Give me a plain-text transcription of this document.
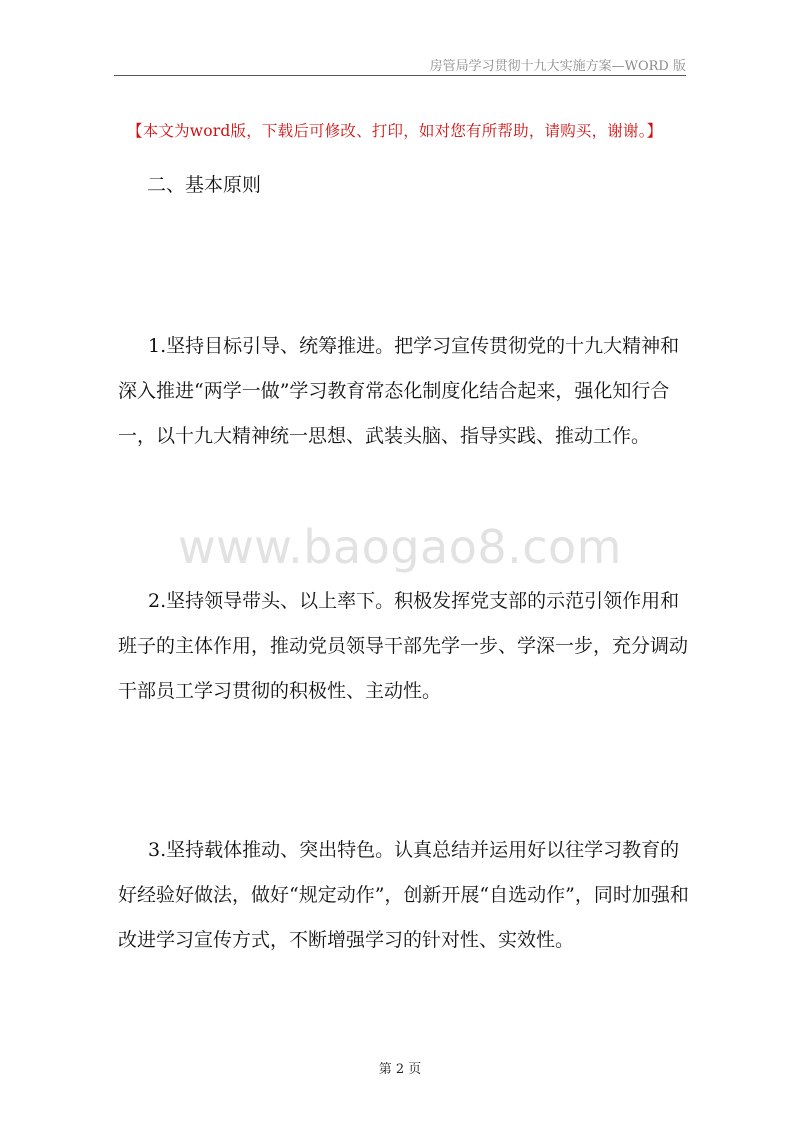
房管局学习贯彻十九大实施方案—WORD 版
【本文为word版，下载后可修改、打印，如对您有所帮助，请购买，谢谢。】
二、基本原则
1.坚持目标引导、统筹推进。把学习宣传贯彻党的十九大精神和
深入推进“两学一做”学习教育常态化制度化结合起来，强化知行合
一，以十九大精神统一思想、武装头脑、指导实践、推动工作。
www.baogao8.com
2.坚持领导带头、以上率下。积极发挥党支部的示范引领作用和
班子的主体作用，推动党员领导干部先学一步、学深一步，充分调动
干部员工学习贯彻的积极性、主动性。
3.坚持载体推动、突出特色。认真总结并运用好以往学习教育的
好经验好做法，做好“规定动作”，创新开展“自选动作”，同时加强和
改进学习宣传方式，不断增强学习的针对性、实效性。
第 2 页
